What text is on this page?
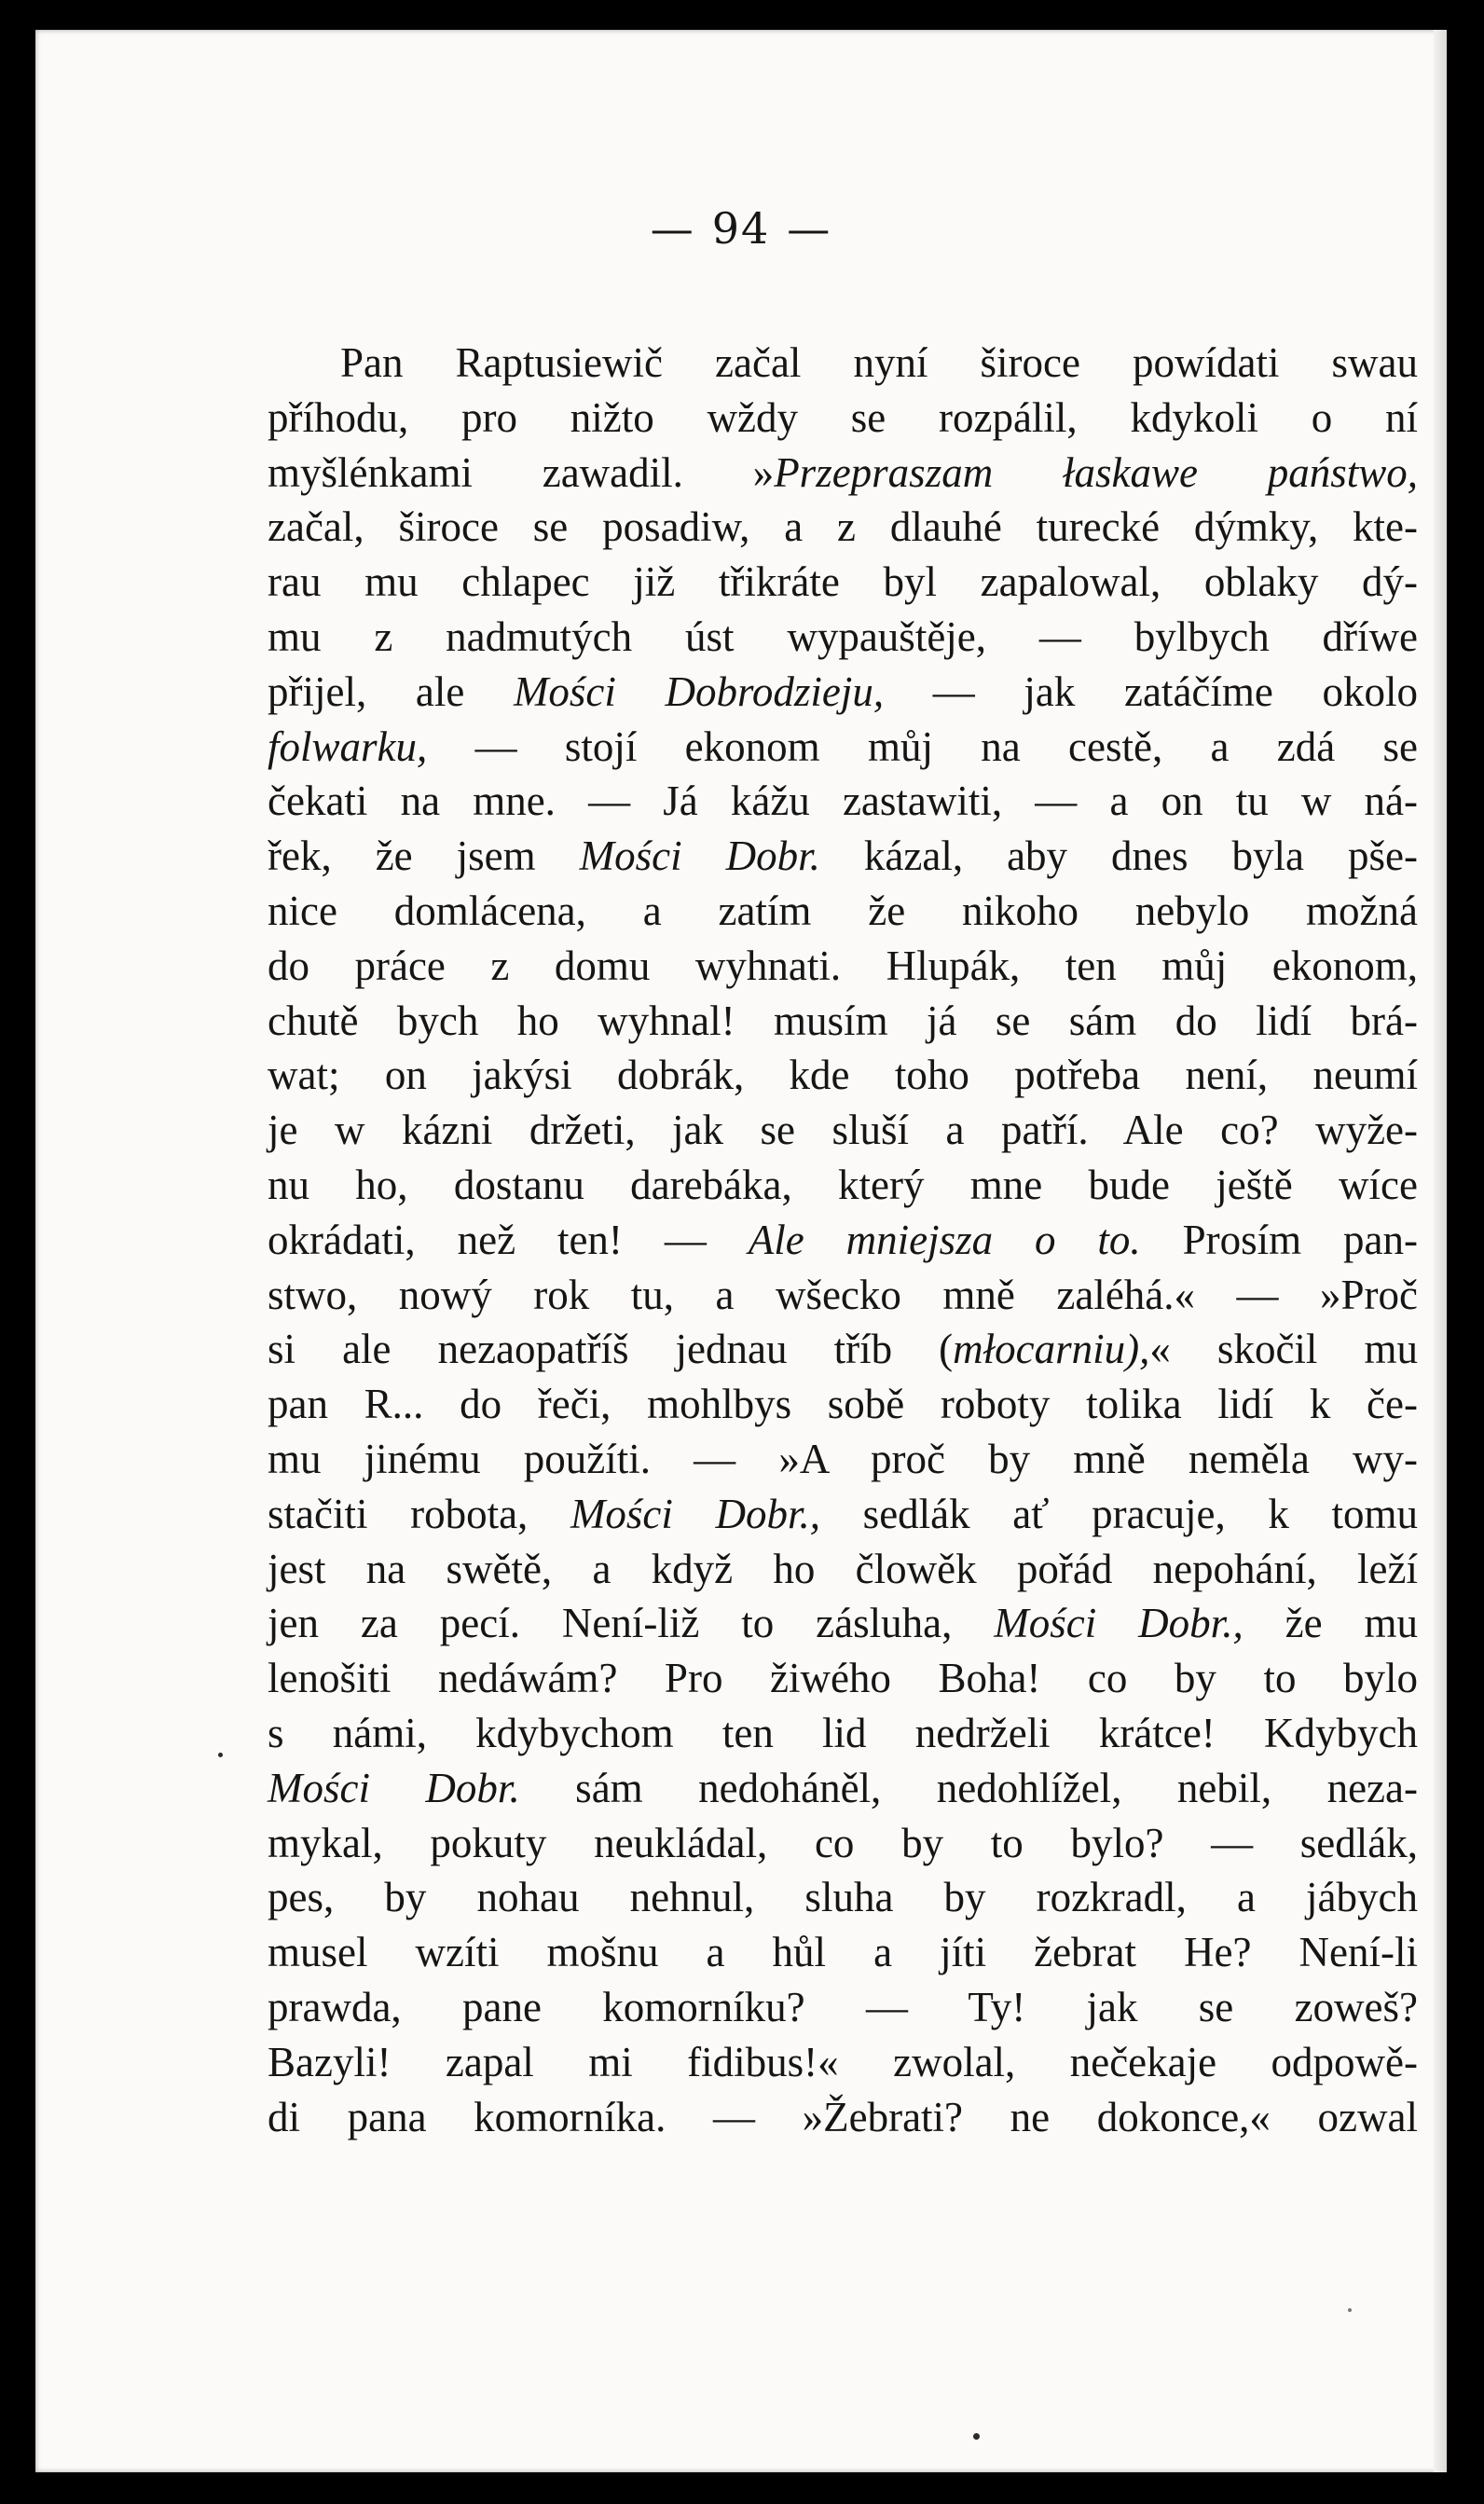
— 94 —
Pan Raptusiewič začal nyní široce powídati swau
příhodu, pro nižto wždy se rozpálil, kdykoli o ní
myšlénkami zawadil. »Przepraszam łaskawe państwo,
začal, široce se posadiw, a z dlauhé turecké dýmky, kte-
rau mu chlapec již třikráte byl zapalowal, oblaky dý-
mu z nadmutých úst wypauštěje, — bylbych dříwe
přijel, ale Mości Dobrodzieju, — jak zatáčíme okolo
folwarku, — stojí ekonom můj na cestě, a zdá se
čekati na mne. — Já kážu zastawiti, — a on tu w ná-
řek, že jsem Mości Dobr. kázal, aby dnes byla pše-
nice domlácena, a zatím že nikoho nebylo možná
do práce z domu wyhnati. Hlupák, ten můj ekonom,
chutě bych ho wyhnal! musím já se sám do lidí brá-
wat; on jakýsi dobrák, kde toho potřeba není, neumí
je w kázni držeti, jak se sluší a patří. Ale co? wyže-
nu ho, dostanu darebáka, který mne bude ještě wíce
okrádati, než ten! — Ale mniejsza o to. Prosím pan-
stwo, nowý rok tu, a wšecko mně zaléhá.« — »Proč
si ale nezaopatříš jednau tříb (młocarniu),« skočil mu
pan R... do řeči, mohlbys sobě roboty tolika lidí k če-
mu jinému použíti. — »A proč by mně neměla wy-
stačiti robota, Mości Dobr., sedlák ať pracuje, k tomu
jest na swětě, a když ho člowěk pořád nepohání, leží
jen za pecí. Není-liž to zásluha, Mości Dobr., že mu
lenošiti nedáwám? Pro žiwého Boha! co by to bylo
s námi, kdybychom ten lid nedrželi krátce! Kdybych
Mości Dobr. sám nedoháněl, nedohlížel, nebil, neza-
mykal, pokuty neukládal, co by to bylo? — sedlák,
pes, by nohau nehnul, sluha by rozkradl, a jábych
musel wzíti mošnu a hůl a jíti žebrat He? Není-li
prawda, pane komorníku? — Ty! jak se zoweš?
Bazyli! zapal mi fidibus!« zwolal, nečekaje odpowě-
di pana komorníka. — »Žebrati? ne dokonce,« ozwal
